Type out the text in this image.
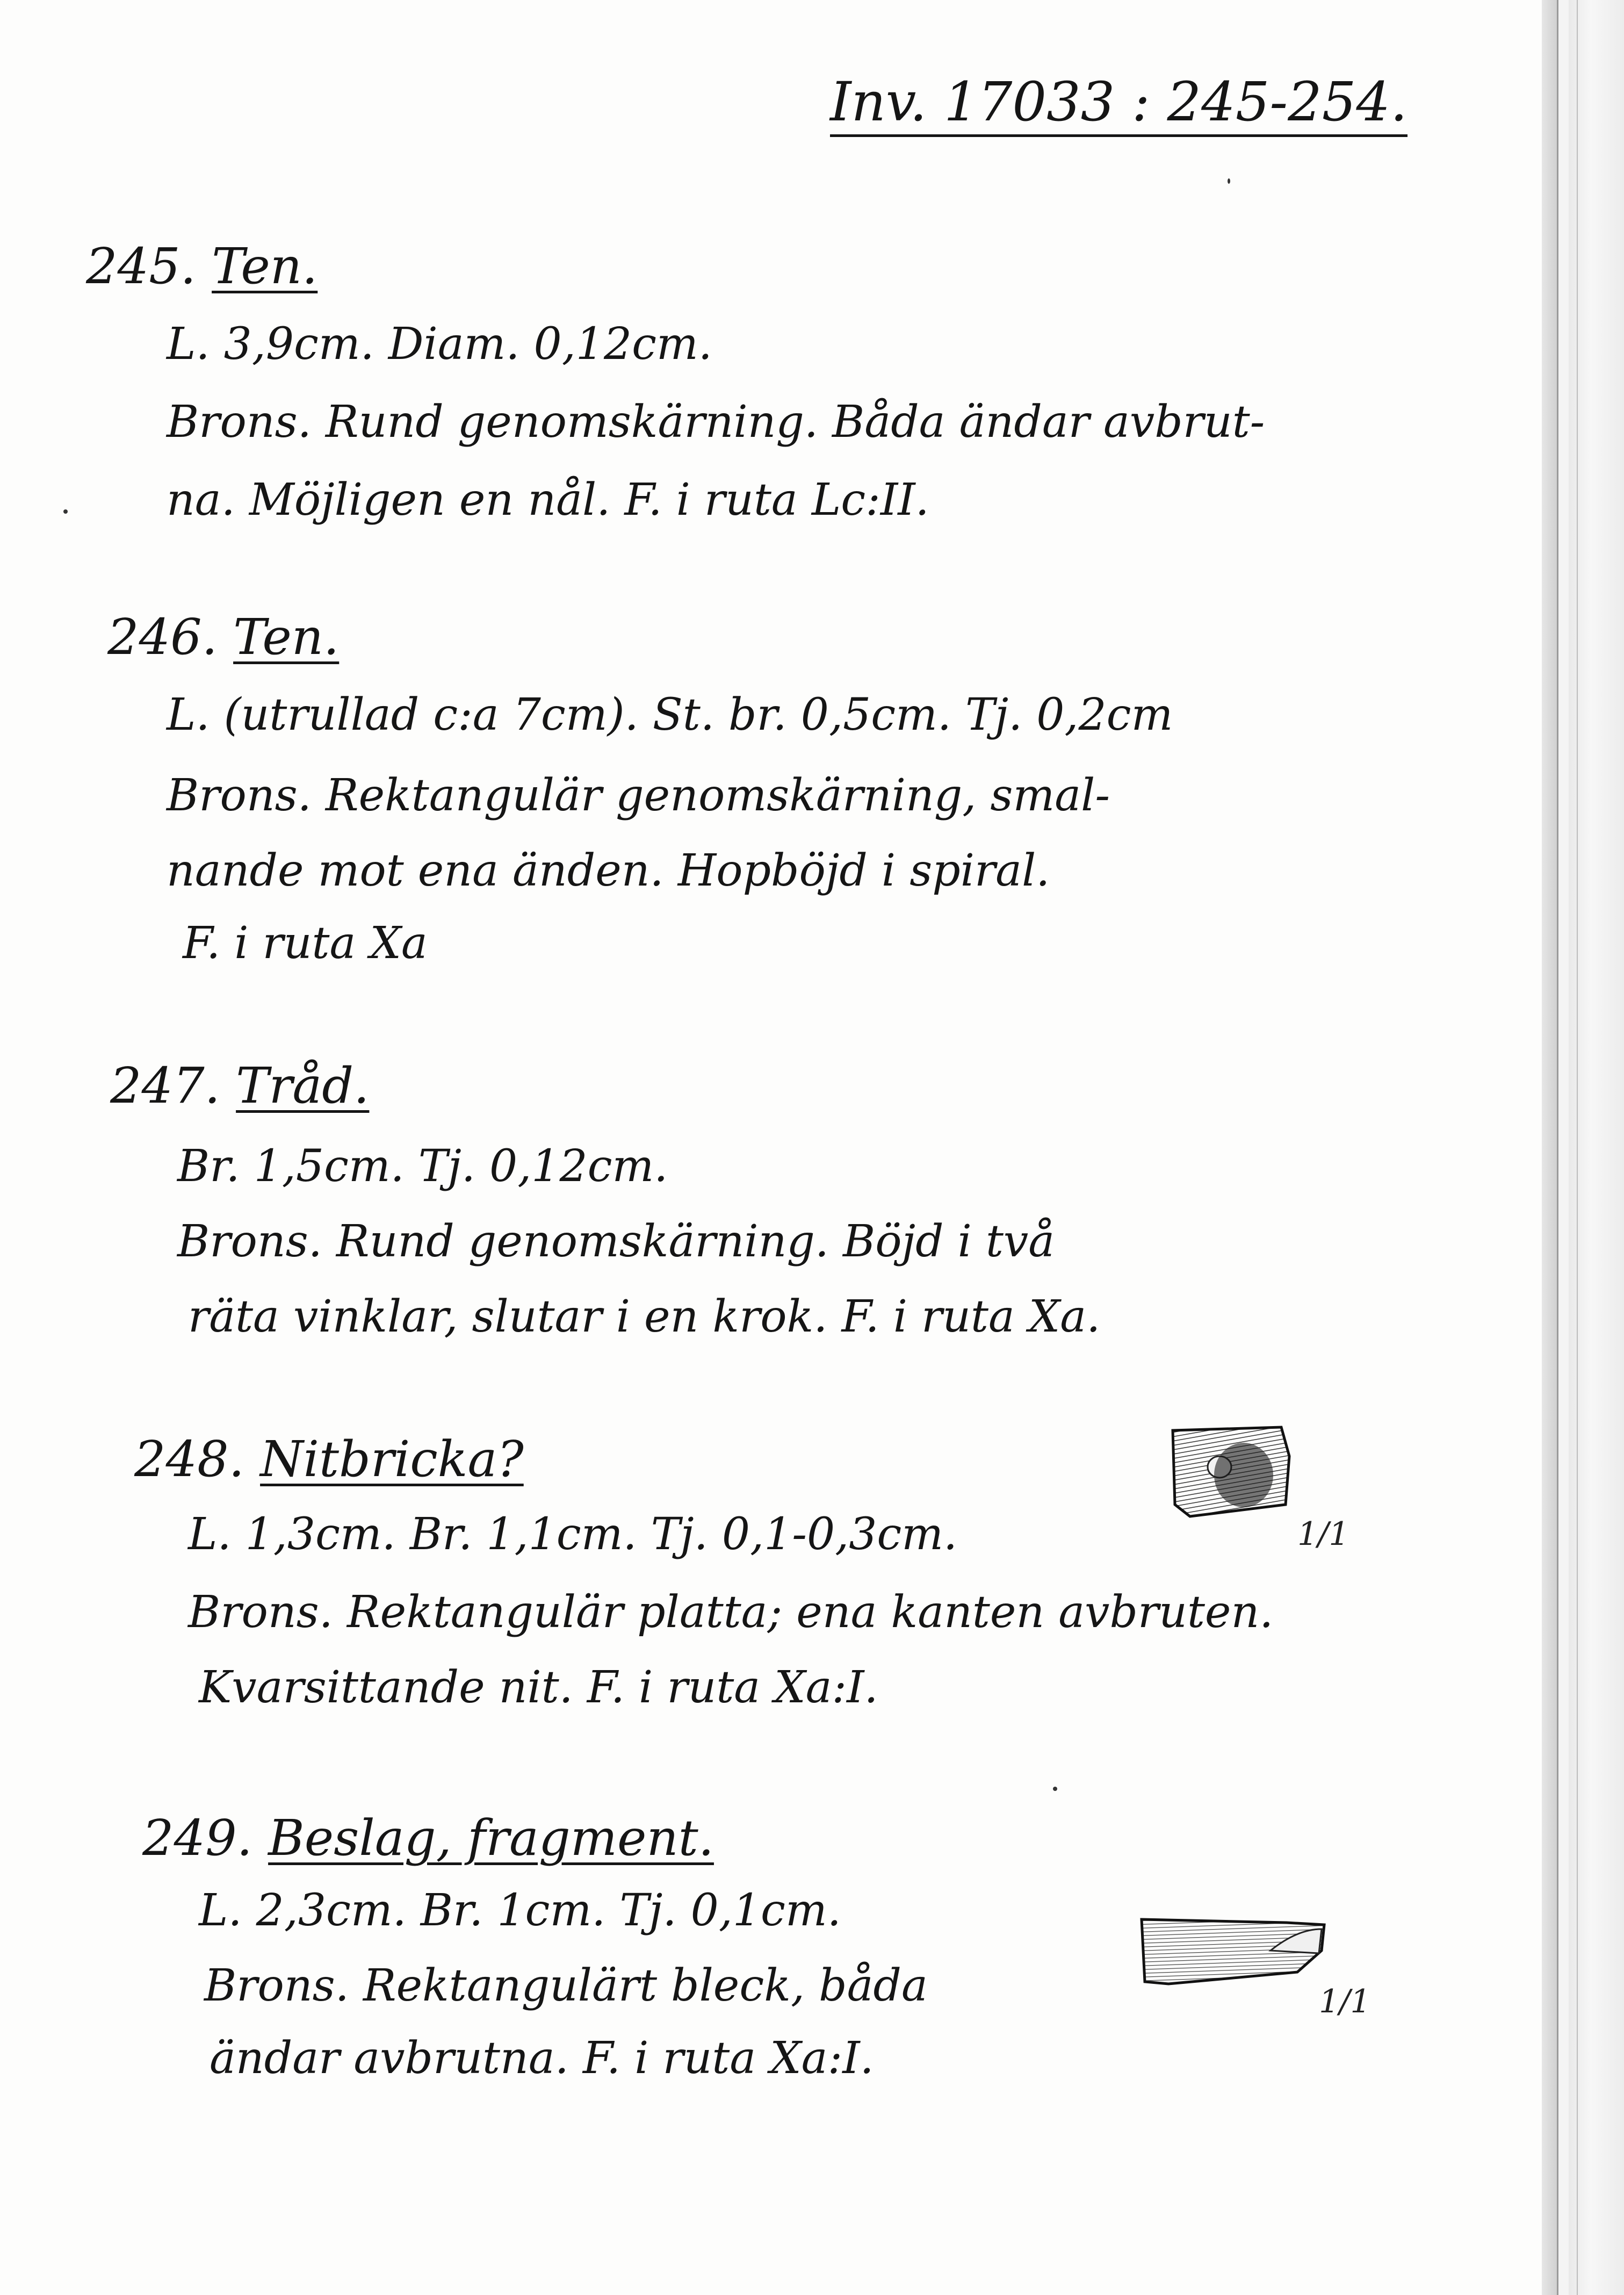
Inv. 17033 : 245-254.
245. Ten.
L. 3,9cm. Diam. 0,12cm.
Brons. Rund genomskärning. Båda ändar avbrut-
na. Möjligen en nål. F. i ruta Lc:II.
246. Ten.
L. (utrullad c:a 7cm). St. br. 0,5cm. Tj. 0,2cm
Brons. Rektangulär genomskärning, smal-
nande mot ena änden. Hopböjd i spiral.
F. i ruta Xa
247. Tråd.
Br. 1,5cm. Tj. 0,12cm.
Brons. Rund genomskärning. Böjd i två
räta vinklar, slutar i en krok. F. i ruta Xa.
248. Nitbricka?
L. 1,3cm. Br. 1,1cm. Tj. 0,1-0,3cm.
Brons. Rektangulär platta; ena kanten avbruten.
Kvarsittande nit. F. i ruta Xa:I.
1/1
249. Beslag, fragment.
L. 2,3cm. Br. 1cm. Tj. 0,1cm.
Brons. Rektangulärt bleck, båda
ändar avbrutna. F. i ruta Xa:I.
1/1
